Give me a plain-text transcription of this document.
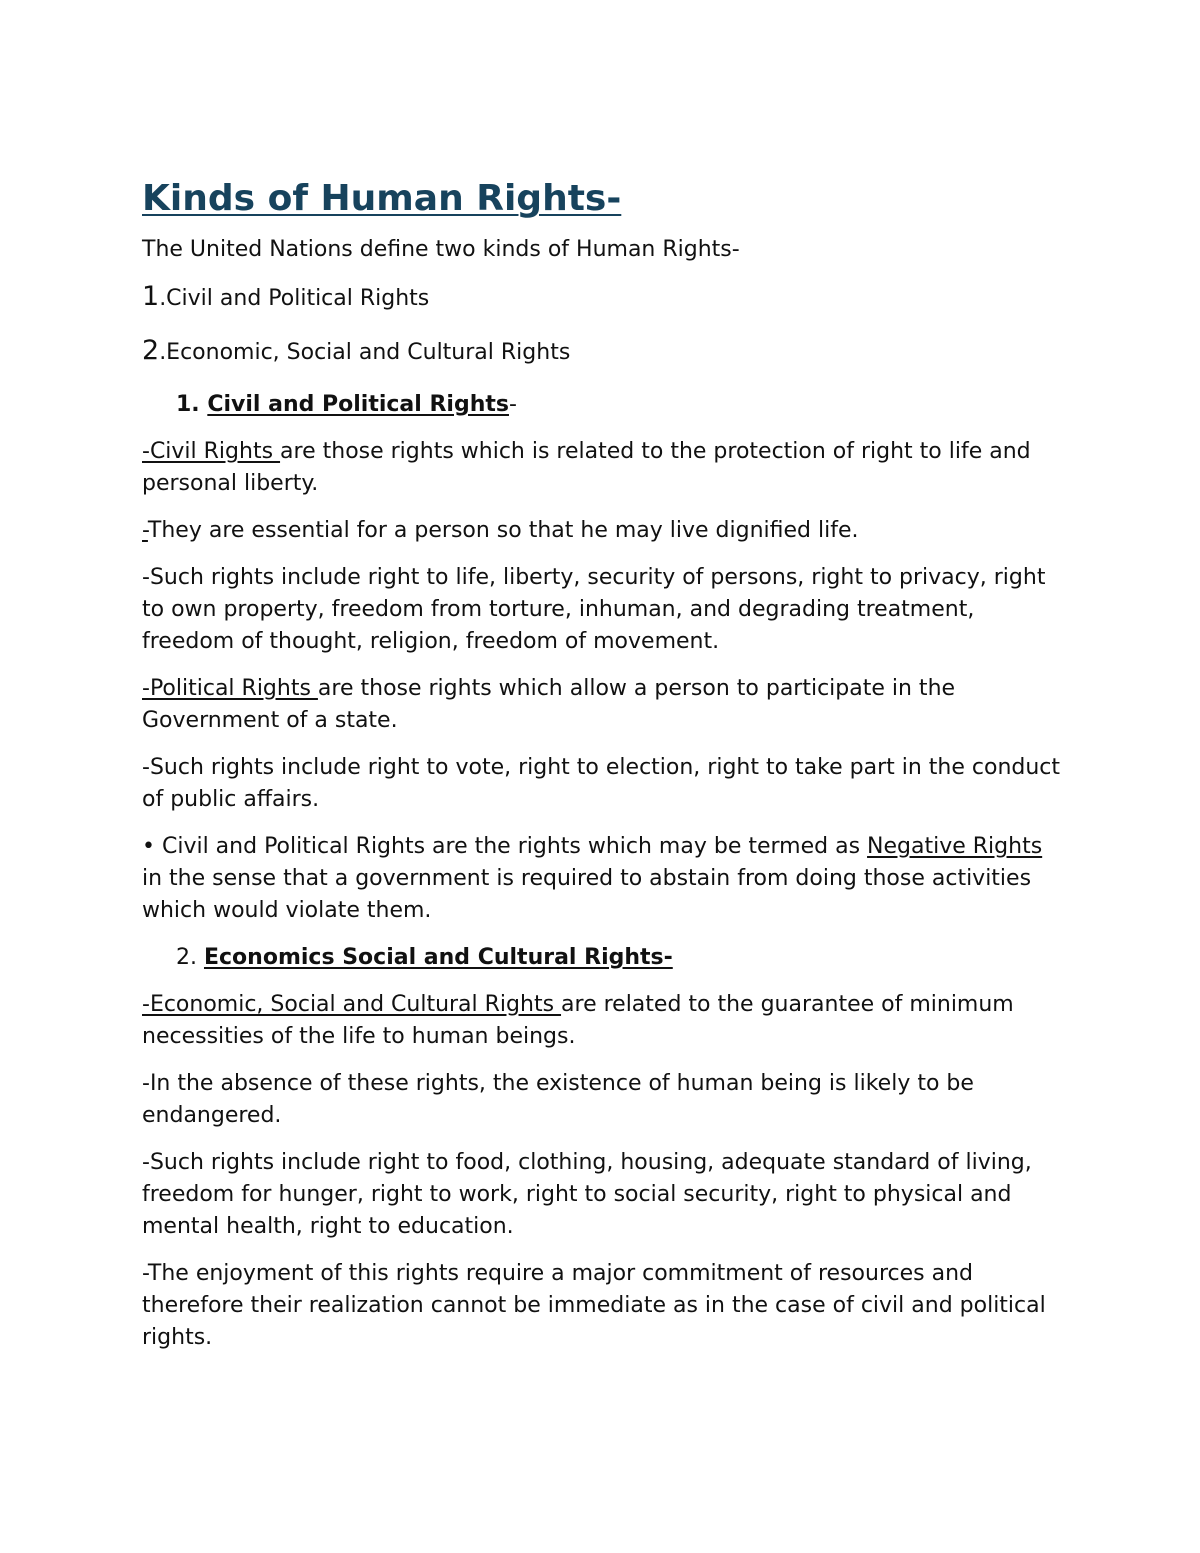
Kinds of Human Rights-

The United Nations define two kinds of Human Rights-

1.Civil and Political Rights

2.Economic, Social and Cultural Rights

1. Civil and Political Rights-

-Civil Rights are those rights which is related to the protection of right to life and personal liberty.

-They are essential for a person so that he may live dignified life.

-Such rights include right to life, liberty, security of persons, right to privacy, right to own property, freedom from torture, inhuman, and degrading treatment, freedom of thought, religion, freedom of movement.

-Political Rights are those rights which allow a person to participate in the Government of a state.

-Such rights include right to vote, right to election, right to take part in the conduct of public affairs.

• Civil and Political Rights are the rights which may be termed as Negative Rights in the sense that a government is required to abstain from doing those activities which would violate them.

2. Economics Social and Cultural Rights-

-Economic, Social and Cultural Rights are related to the guarantee of minimum necessities of the life to human beings.

-In the absence of these rights, the existence of human being is likely to be endangered.

-Such rights include right to food, clothing, housing, adequate standard of living, freedom for hunger, right to work, right to social security, right to physical and mental health, right to education.

-The enjoyment of this rights require a major commitment of resources and therefore their realization cannot be immediate as in the case of civil and political rights.
